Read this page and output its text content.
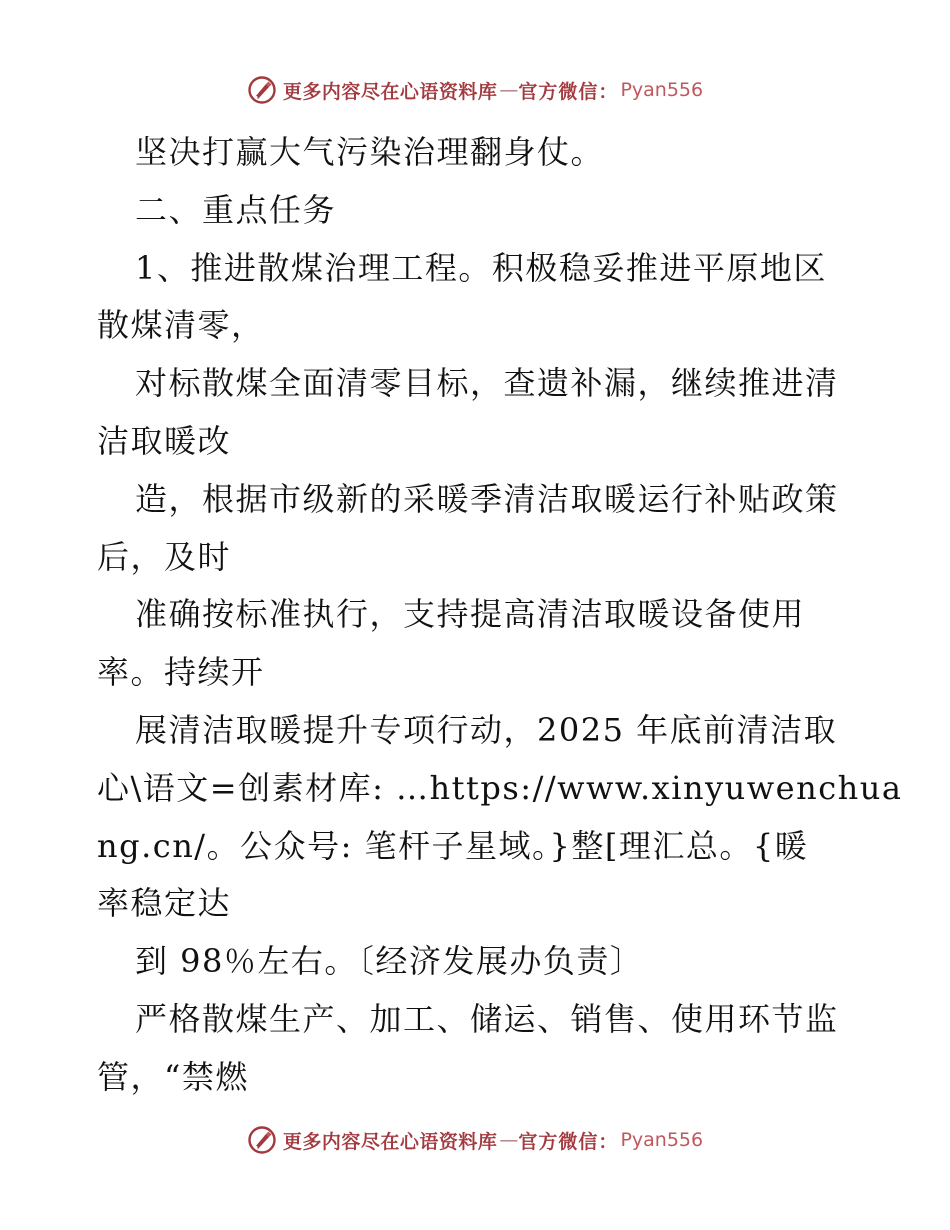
更多内容尽在心语资料库 — 官方微信： Pyan556
坚决打赢大气污染治理翻身仗。
二、重点任务
1、推进散煤治理工程。积极稳妥推进平原地区
散煤清零，
对标散煤全面清零目标，查遗补漏，继续推进清
洁取暖改
造，根据市级新的采暖季清洁取暖运行补贴政策
后，及时
准确按标准执行，支持提高清洁取暖设备使用
率。持续开
展清洁取暖提升专项行动，2025 年底前清洁取
心\语文=创素材库: …https://www.xinyuwenchua
ng.cn/。公众号: 笔杆子星域。}整[理汇总。{暖
率稳定达
到 98％左右。〔经济发展办负责〕
严格散煤生产、加工、储运、销售、使用环节监
管，“禁燃
更多内容尽在心语资料库 — 官方微信： Pyan556
